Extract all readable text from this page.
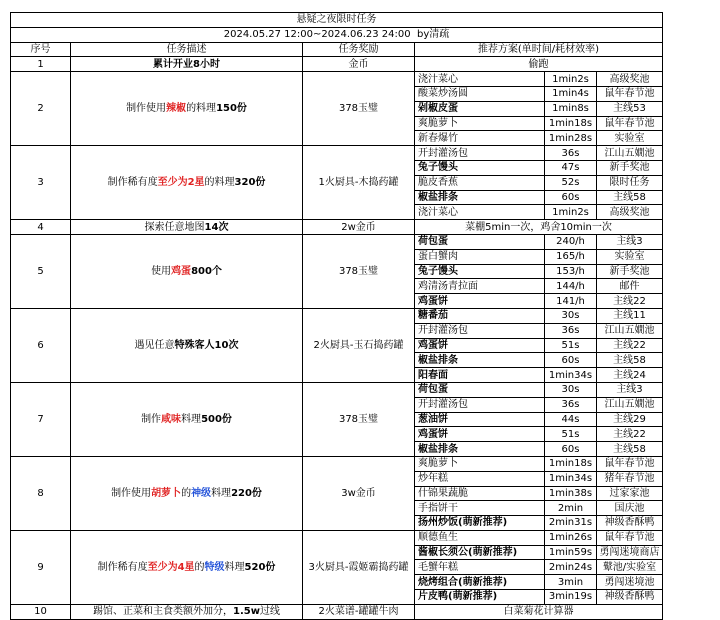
悬疑之夜限时任务					
2024.05.27 12:00~2024.06.23 24:00 by清疏					
序号	任务描述	任务奖励	推荐方案(单时间/耗材效率)		
1	累计开业8小时	金币	偷跑		
2	制作使用辣椒的料理150份	378玉璧	浇汁菜心	1min2s	高级奖池
			酸菜炒汤圆	1min4s	鼠年春节池
			剁椒皮蛋	1min8s	主线53
			爽脆萝卜	1min18s	鼠年春节池
			新春爆竹	1min28s	实验室
3	制作稀有度至少为2星的料理320份	1火厨具-木捣药罐	开封灌汤包	36s	江山五嫺池
			兔子馒头	47s	新手奖池
			脆皮香蕉	52s	限时任务
			椒盐排条	60s	主线58
			浇汁菜心	1min2s	高级奖池
4	探索任意地图14次	2w金币	菜棚5min一次，鸡舍10min一次		
5	使用鸡蛋800个	378玉璧	荷包蛋	240/h	主线3
			蛋白蟹肉	165/h	实验室
			兔子馒头	153/h	新手奖池
			鸡清汤青拉面	144/h	邮件
			鸡蛋饼	141/h	主线22
6	遇见任意特殊客人10次	2火厨具-玉石捣药罐	糖番茄	30s	主线11
			开封灌汤包	36s	江山五嫺池
			鸡蛋饼	51s	主线22
			椒盐排条	60s	主线58
			阳春面	1min34s	主线24
7	制作咸味料理500份	378玉璧	荷包蛋	30s	主线3
			开封灌汤包	36s	江山五嫺池
			葱油饼	44s	主线29
			鸡蛋饼	51s	主线22
			椒盐排条	60s	主线58
8	制作使用胡萝卜的神级料理220份	3w金币	爽脆萝卜	1min18s	鼠年春节池
			炒年糕	1min34s	猪年春节池
			什锦果蔬脆	1min38s	过家家池
			手指饼干	2min	国庆池
			扬州炒饭(萌新推荐)	2min31s	神级香酥鸭
9	制作稀有度至少为4星的特级料理520份	3火厨具-霞姬霸捣药罐	顺德鱼生	1min26s	鼠年春节池
			酱椒长须公(萌新推荐)	1min59s	勇闯迷境商店
			毛蟹年糕	2min24s	鼙池/实验室
			烧烤组合(萌新推荐)	3min	勇闯迷境池
			片皮鸭(萌新推荐)	3min19s	神级香酥鸭
10	踢馆、正菜和主食类额外加分，1.5w过线	2火菜谱-罐罐牛肉	白菜菊花计算器		
